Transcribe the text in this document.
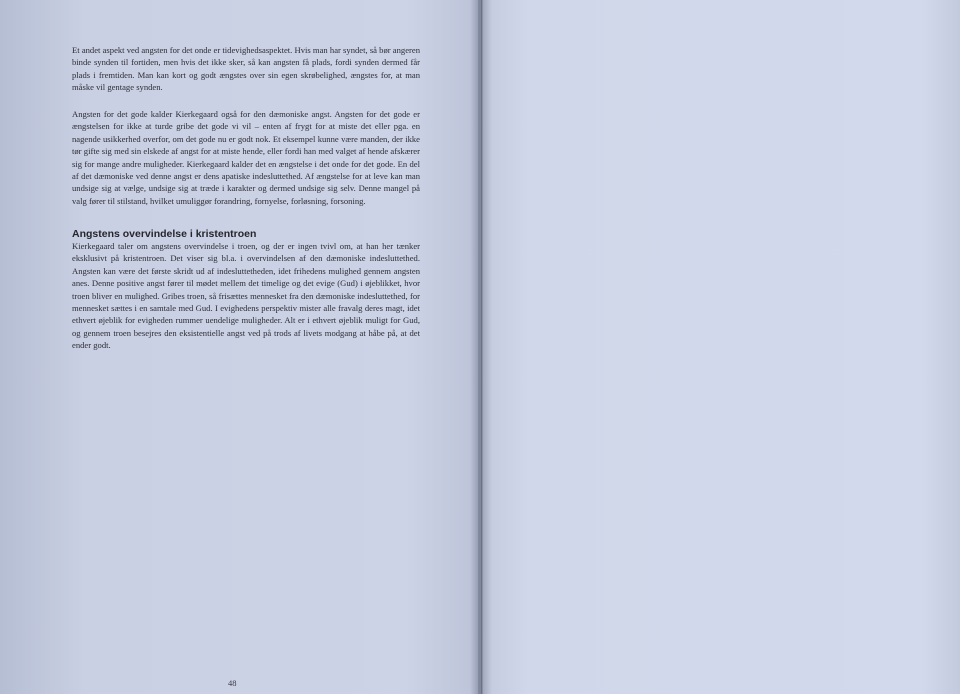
Et andet aspekt ved angsten for det onde er tidevighedsaspektet. Hvis man har syndet, så bør angeren binde synden til fortiden, men hvis det ikke sker, så kan angsten få plads, fordi synden dermed får plads i fremtiden. Man kan kort og godt ængstes over sin egen skrøbelighed, ængstes for, at man måske vil gentage synden.

Angsten for det gode kalder Kierkegaard også for den dæmoniske angst. Angsten for det gode er ængstelsen for ikke at turde gribe det gode vi vil – enten af frygt for at miste det eller pga. en nagende usikkerhed overfor, om det gode nu er godt nok. Et eksempel kunne være manden, der ikke tør gifte sig med sin elskede af angst for at miste hende, eller fordi han med valget af hende afskærer sig for mange andre muligheder. Kierkegaard kalder det en ængstelse i det onde for det gode. En del af det dæmoniske ved denne angst er dens apatiske indesluttethed. Af ængstelse for at leve kan man undsige sig at vælge, undsige sig at træde i karakter og dermed undsige sig selv. Denne mangel på valg fører til stilstand, hvilket umuliggør forandring, fornyelse, forløsning, forsoning.

Angstens overvindelse i kristentroen

Kierkegaard taler om angstens overvindelse i troen, og der er ingen tvivl om, at han her tænker eksklusivt på kristentroen. Det viser sig bl.a. i overvindelsen af den dæmoniske indesluttethed. Angsten kan være det første skridt ud af indesluttetheden, idet frihedens mulighed gennem angsten anes. Denne positive angst fører til mødet mellem det timelige og det evige (Gud) i øjeblikket, hvor troen bliver en mulighed. Gribes troen, så frisættes mennesket fra den dæmoniske indesluttethed, for mennesket sættes i en samtale med Gud. I evighedens perspektiv mister alle fravalg deres magt, idet ethvert øjeblik for evigheden rummer uendelige muligheder. Alt er i ethvert øjeblik muligt for Gud, og gennem troen besejres den eksistentielle angst ved på trods af livets modgang at håbe på, at det ender godt.

48
